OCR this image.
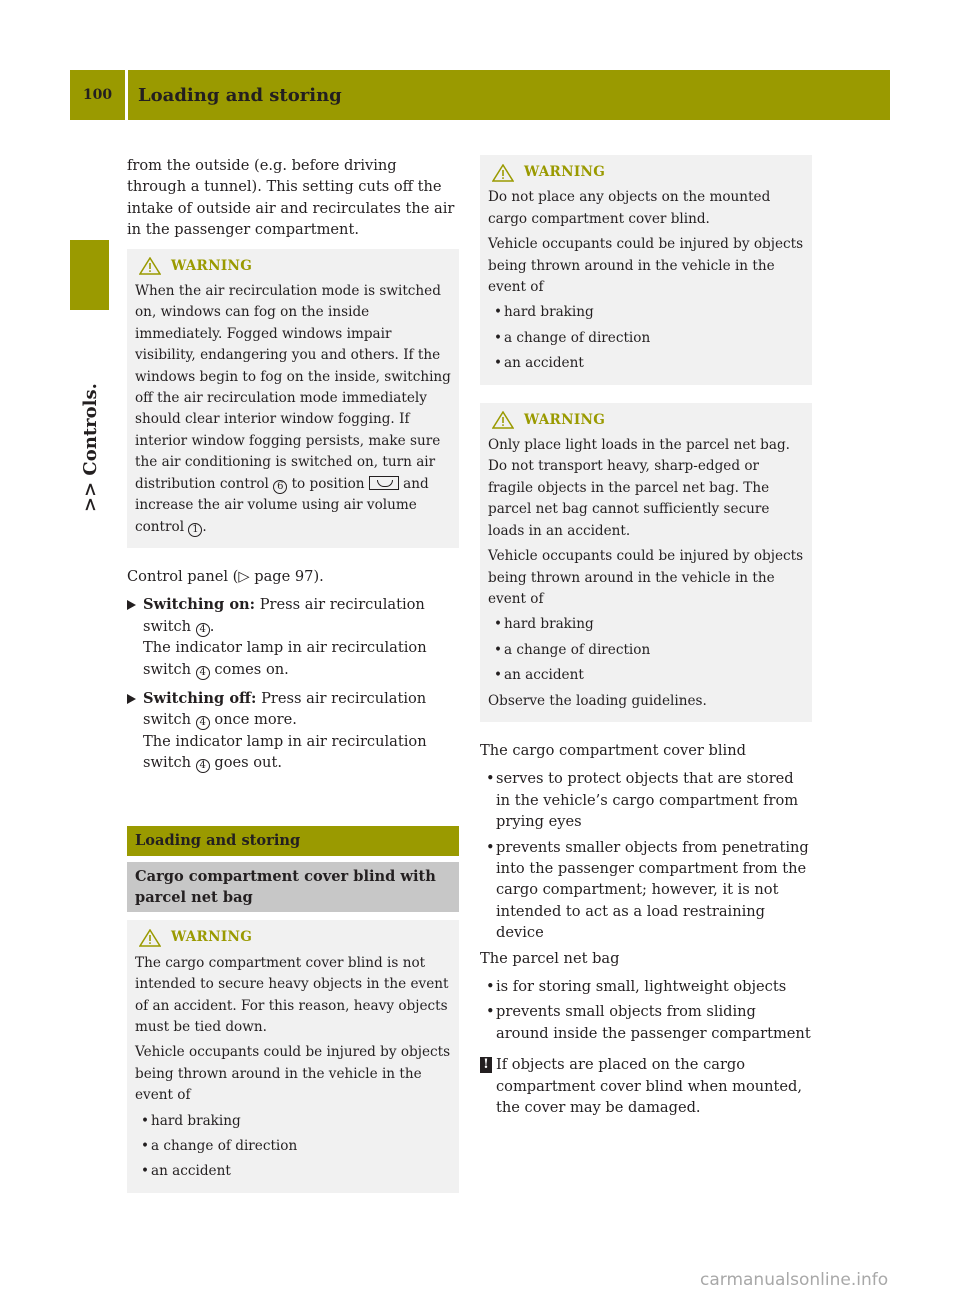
100	Loading and storing
>> Controls.

from the outside (e.g. before driving through a tunnel). This setting cuts off the intake of outside air and recirculates the air in the passenger compartment.

WARNING

When the air recirculation mode is switched on, windows can fog on the inside immediately. Fogged windows impair visibility, endangering you and others. If the windows begin to fog on the inside, switching off the air recirculation mode immediately should clear interior window fogging. If interior window fogging persists, make sure the air conditioning is switched on, turn air distribution control 6 to position	and increase the air volume using air volume control 1 .

Control panel (▷ page 97).

Switching on: Press air recirculation switch 4 .
The indicator lamp in air recirculation switch 4 comes on.
Switching off: Press air recirculation switch 4 once more.
The indicator lamp in air recirculation switch 4 goes out.
Loading and storing
Cargo compartment cover blind with parcel net bag
WARNING

The cargo compartment cover blind is not intended to secure heavy objects in the event of an accident. For this reason, heavy objects must be tied down.

Vehicle occupants could be injured by objects being thrown around in the vehicle in the event of

• hard braking
• a change of direction
• an accident
WARNING

Do not place any objects on the mounted cargo compartment cover blind.

Vehicle occupants could be injured by objects being thrown around in the vehicle in the event of

• hard braking
• a change of direction
• an accident
WARNING

Only place light loads in the parcel net bag. Do not transport heavy, sharp-edged or fragile objects in the parcel net bag. The parcel net bag cannot sufficiently secure loads in an accident.

Vehicle occupants could be injured by objects being thrown around in the vehicle in the event of

• hard braking
• a change of direction
• an accident

Observe the loading guidelines.

The cargo compartment cover blind

• serves to protect objects that are stored in the vehicle’s cargo compartment from prying eyes
• prevents smaller objects from penetrating into the passenger compartment from the cargo compartment; however, it is not intended to act as a load restraining device

The parcel net bag

• is for storing small, lightweight objects
• prevents small objects from sliding around inside the passenger compartment
! If objects are placed on the cargo compartment cover blind when mounted, the cover may be damaged.
carmanualsonline.info
